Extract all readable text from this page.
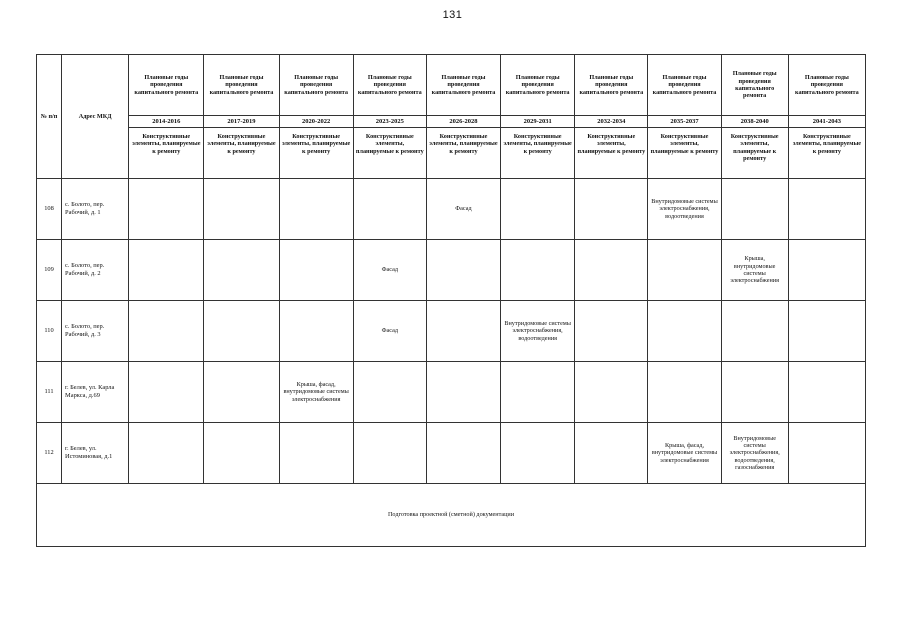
131
№ п/п	Адрес МКД	Плановые годы проведения капитального ремонта	Плановые годы проведения капитального ремонта	Плановые годы проведения капитального ремонта	Плановые годы проведения капитального ремонта	Плановые годы проведения капитального ремонта	Плановые годы проведения капитального ремонта	Плановые годы проведения капитального ремонта	Плановые годы проведения капитального ремонта	Плановые годы проведения капитального ремонта	Плановые годы проведения капитального ремонта
		2014-2016	2017-2019	2020-2022	2023-2025	2026-2028	2029-2031	2032-2034	2035-2037	2038-2040	2041-2043
		Конструктивные элементы, планируемые к ремонту	Конструктивные элементы, планируемые к ремонту	Конструктивные элементы, планируемые к ремонту	Конструктивные элементы, планируемые к ремонту	Конструктивные элементы, планируемые к ремонту	Конструктивные элементы, планируемые к ремонту	Конструктивные элементы, планируемые к ремонту	Конструктивные элементы, планируемые к ремонту	Конструктивные элементы, планируемые к ремонту	Конструктивные элементы, планируемые к ремонту
108	с. Болото, пер. Рабочий, д. 1					Фасад			Внутридомовые системы электроснабжения, водоотведения		
109	с. Болото, пер. Рабочий, д. 2				Фасад					Крыша, внутридомовые системы электроснабжения	
110	с. Болото, пер. Рабочий, д. 3				Фасад		Внутридомовые системы электроснабжения, водоотведения				
111	г. Белев, ул. Карла Маркса, д.69			Крыша, фасад, внутридомовые системы электроснабжения							
112	г. Белев, ул. Истоминовая, д.1								Крыша, фасад, внутридомовые системы электроснабжения	Внутридомовые системы электроснабжения, водоотведения, газоснабжения	
Подготовка проектной (сметной) документации											
